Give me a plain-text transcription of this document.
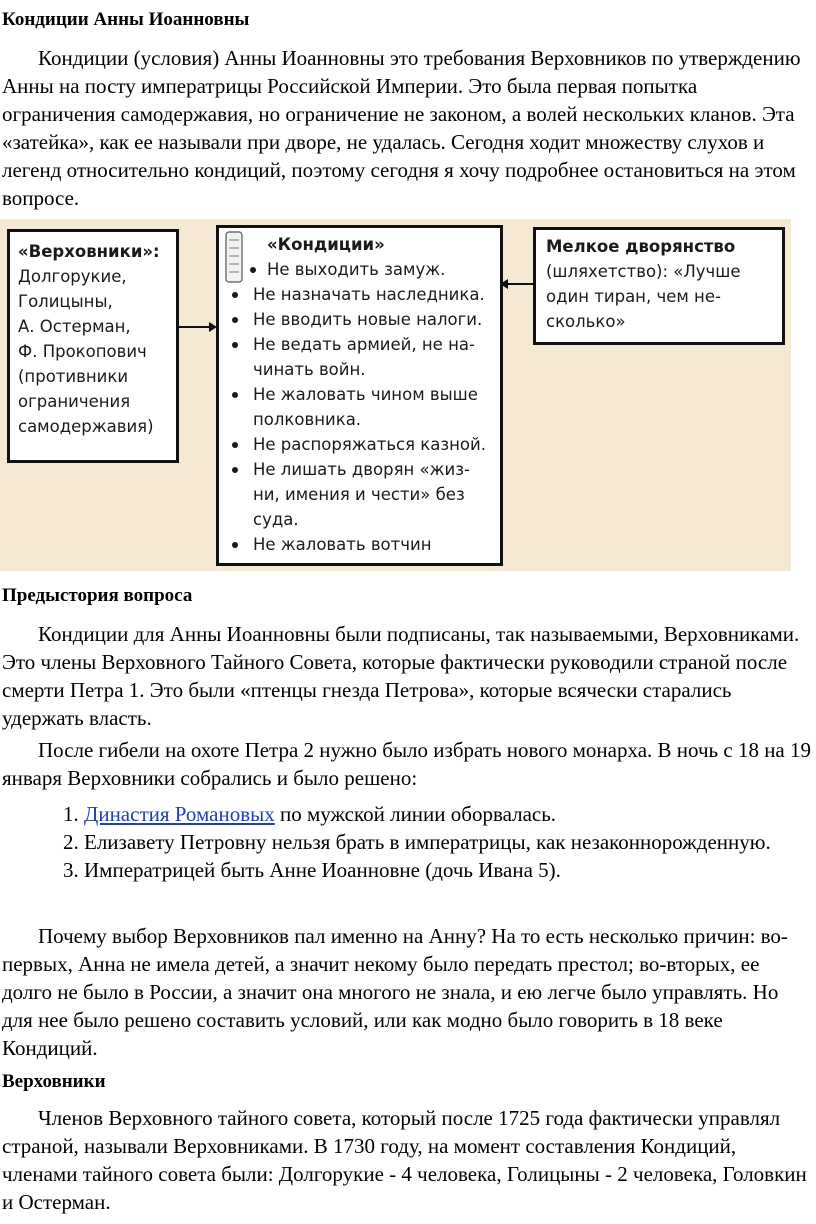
Кондиции Анны Иоанновны

Кондиции (условия) Анны Иоанновны это требования Верховников по утверждению Анны на посту императрицы Российской Империи. Это была первая попытка ограничения самодержавия, но ограничение не законом, а волей нескольких кланов. Эта «затейка», как ее называли при дворе, не удалась. Сегодня ходит множеству слухов и легенд относительно кондиций, поэтому сегодня я хочу подробнее остановиться на этом вопросе.

«Верховники»:
Долгорукие,
Голицыны,
А. Остерман,
Ф. Прокопович
(противники
ограничения
самодержавия)
«Кондиции»
Не выходить замуж.
Не назначать наследника.
Не вводить новые налоги.
Не ведать армией, не на-
чинать войн.
Не жаловать чином выше
полковника.
Не распоряжаться казной.
Не лишать дворян «жиз-
ни, имения и чести» без
суда.
Не жаловать вотчин
Мелкое дворянство
(шляхетство): «Лучше
один тиран, чем не-
сколько»
Предыстория вопроса

Кондиции для Анны Иоанновны были подписаны, так называемыми, Верховниками. Это члены Верховного Тайного Совета, которые фактически руководили страной после смерти Петра 1. Это были «птенцы гнезда Петрова», которые всячески старались удержать власть.

После гибели на охоте Петра 2 нужно было избрать нового монарха. В ночь с 18 на 19 января Верховники собрались и было решено:

1. Династия Романовых по мужской линии оборвалась.
2. Елизавету Петровну нельзя брать в императрицы, как незаконнорожденную.
3. Императрицей быть Анне Иоанновне (дочь Ивана 5).

Почему выбор Верховников пал именно на Анну? На то есть несколько причин: во-первых, Анна не имела детей, а значит некому было передать престол; во-вторых, ее долго не было в России, а значит она многого не знала, и ею легче было управлять. Но для нее было решено составить условий, или как модно было говорить в 18 веке Кондиций.

Верховники

Членов Верховного тайного совета, который после 1725 года фактически управлял страной, называли Верховниками. В 1730 году, на момент составления Кондиций, членами тайного совета были: Долгорукие - 4 человека, Голицыны - 2 человека, Головкин и Остерман.
